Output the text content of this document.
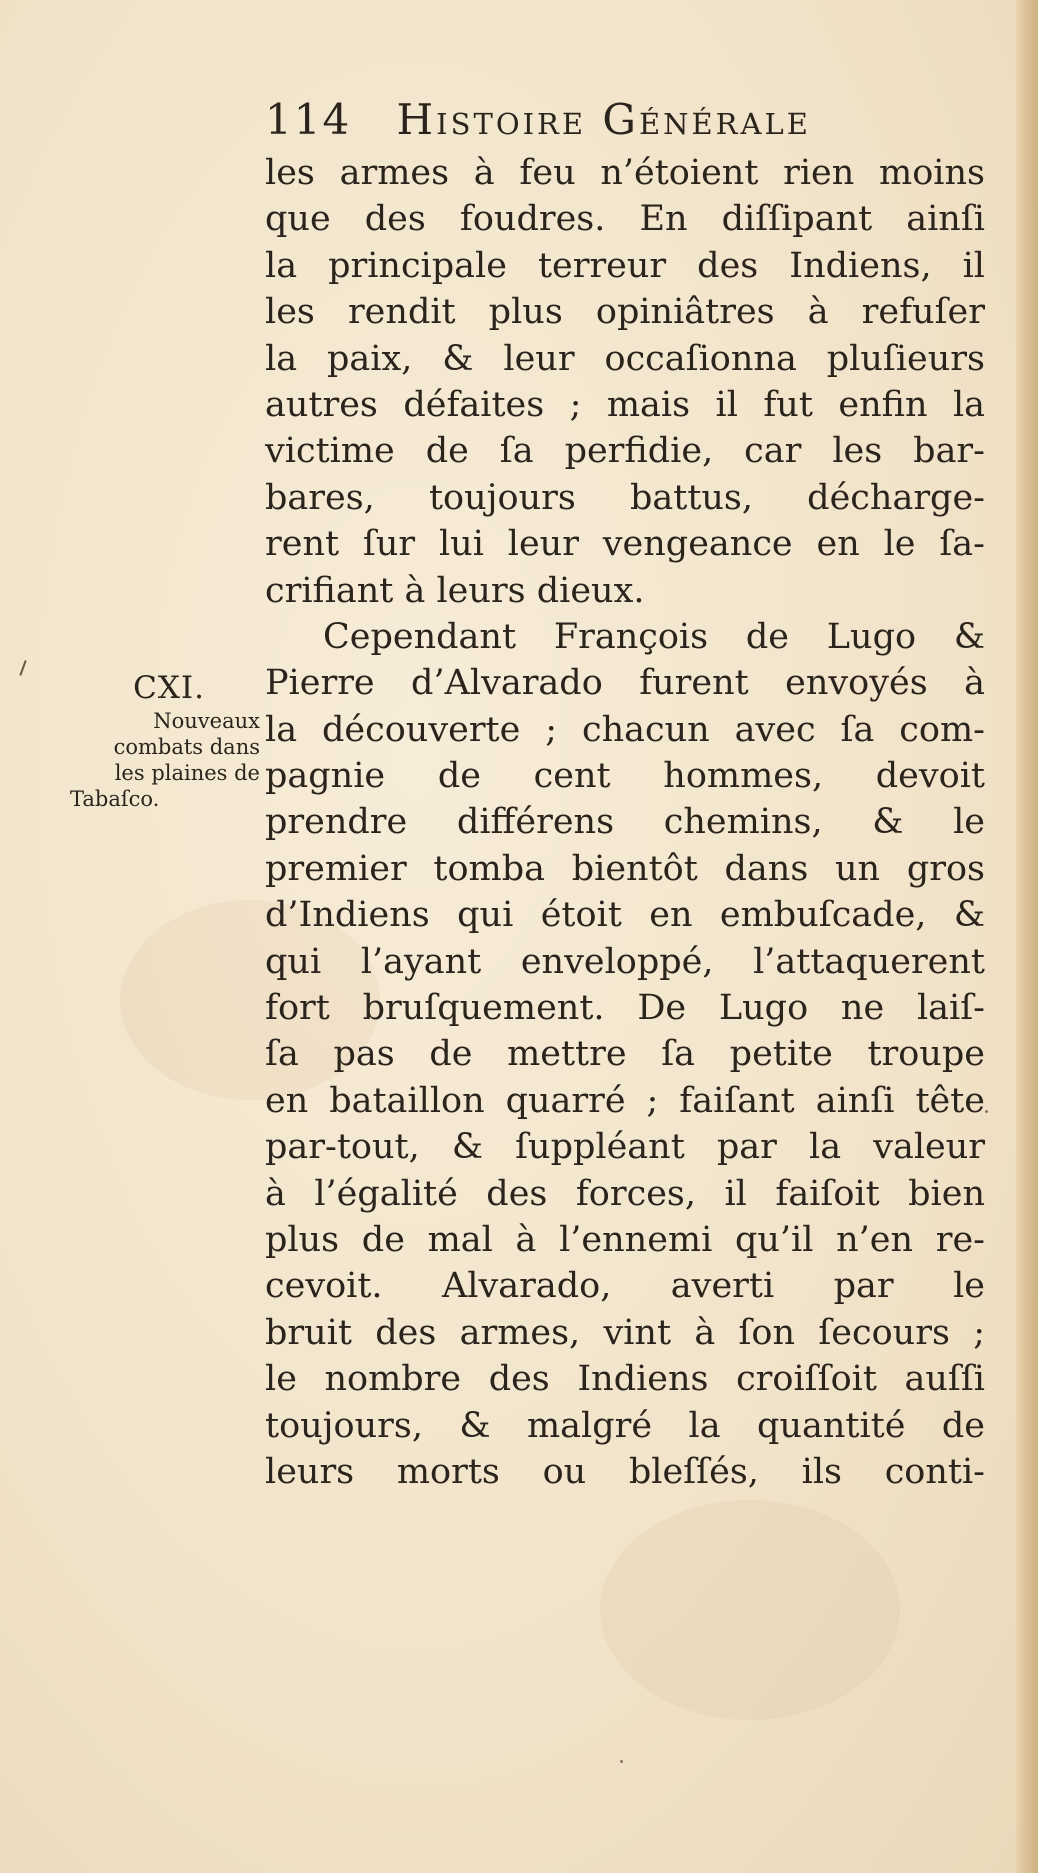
114 Histoire Générale
CXI.
Nouveaux
combats dans
les plaines de
Tabaſco.
les armes à feu n’étoient rien moins
que des foudres. En diſſipant ainſi
la principale terreur des Indiens, il
les rendit plus opiniâtres à refuſer
la paix, & leur occaſionna pluſieurs
autres défaites ; mais il fut enfin la
victime de ſa perfidie, car les bar-
bares, toujours battus, décharge-
rent ſur lui leur vengeance en le ſa-
crifiant à leurs dieux.
Cependant François de Lugo &
Pierre d’Alvarado furent envoyés à
la découverte ; chacun avec ſa com-
pagnie de cent hommes, devoit
prendre différens chemins, & le
premier tomba bientôt dans un gros
d’Indiens qui étoit en embuſcade, &
qui l’ayant enveloppé, l’attaquerent
fort bruſquement. De Lugo ne laiſ-
ſa pas de mettre ſa petite troupe
en bataillon quarré ; faiſant ainſi tête
par-tout, & ſuppléant par la valeur
à l’égalité des forces, il faiſoit bien
plus de mal à l’ennemi qu’il n’en re-
cevoit. Alvarado, averti par le
bruit des armes, vint à ſon ſecours ;
le nombre des Indiens croiſſoit auſſi
toujours, & malgré la quantité de
leurs morts ou bleſſés, ils conti-
